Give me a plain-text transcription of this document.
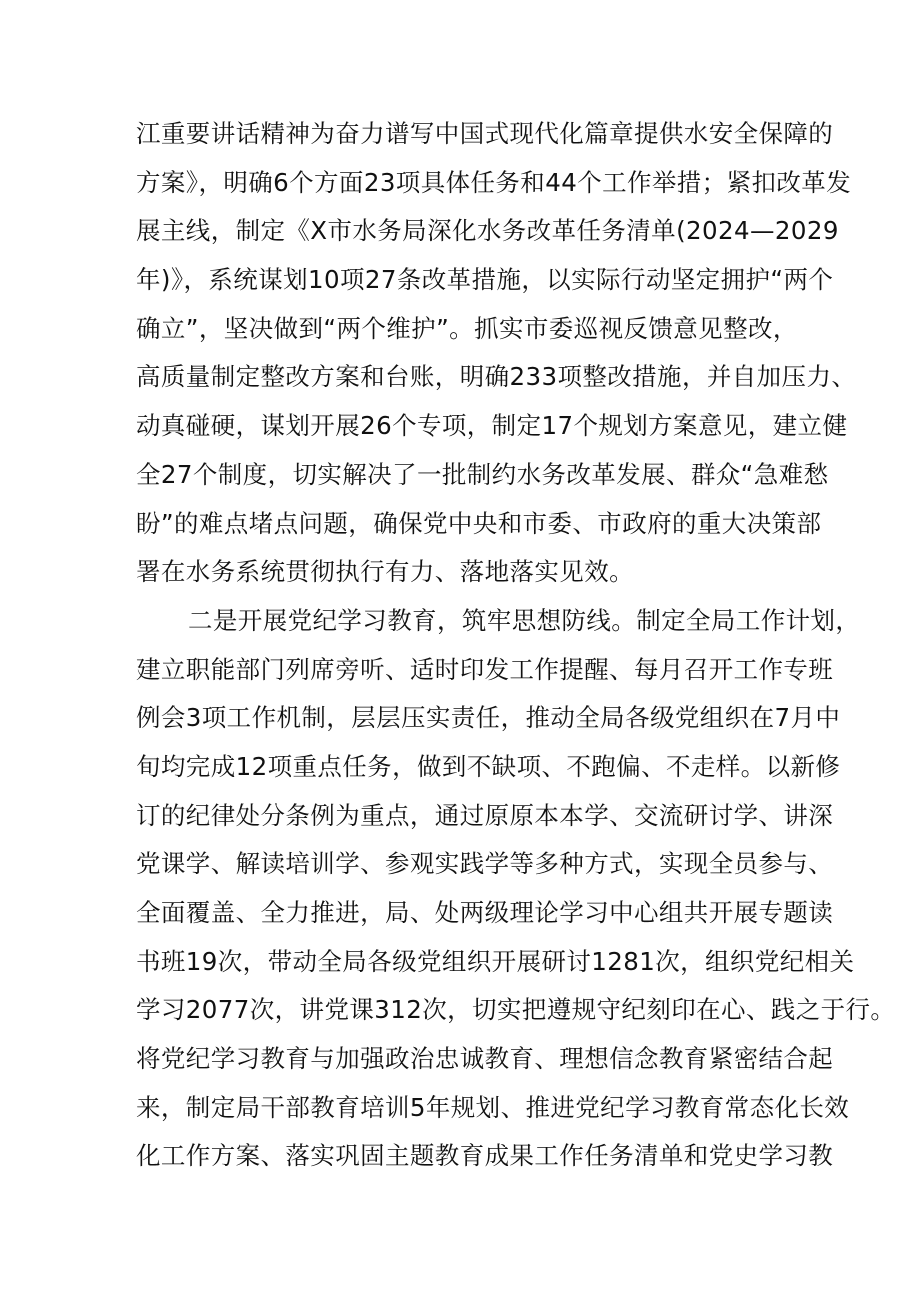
江重要讲话精神为奋力谱写中国式现代化篇章提供水安全保障的
方案》，明确6个方面23项具体任务和44个工作举措；紧扣改革发
展主线，制定《X市水务局深化水务改革任务清单(2024—2029
年)》，系统谋划10项27条改革措施，以实际行动坚定拥护“两个
确立”，坚决做到“两个维护”。抓实市委巡视反馈意见整改，
高质量制定整改方案和台账，明确233项整改措施，并自加压力、
动真碰硬，谋划开展26个专项，制定17个规划方案意见，建立健
全27个制度，切实解决了一批制约水务改革发展、群众“急难愁
盼”的难点堵点问题，确保党中央和市委、市政府的重大决策部
署在水务系统贯彻执行有力、落地落实见效。
二是开展党纪学习教育，筑牢思想防线。制定全局工作计划，
建立职能部门列席旁听、适时印发工作提醒、每月召开工作专班
例会3项工作机制，层层压实责任，推动全局各级党组织在7月中
旬均完成12项重点任务，做到不缺项、不跑偏、不走样。以新修
订的纪律处分条例为重点，通过原原本本学、交流研讨学、讲深
党课学、解读培训学、参观实践学等多种方式，实现全员参与、
全面覆盖、全力推进，局、处两级理论学习中心组共开展专题读
书班19次，带动全局各级党组织开展研讨1281次，组织党纪相关
学习2077次，讲党课312次，切实把遵规守纪刻印在心、践之于行。
将党纪学习教育与加强政治忠诚教育、理想信念教育紧密结合起
来，制定局干部教育培训5年规划、推进党纪学习教育常态化长效
化工作方案、落实巩固主题教育成果工作任务清单和党史学习教
